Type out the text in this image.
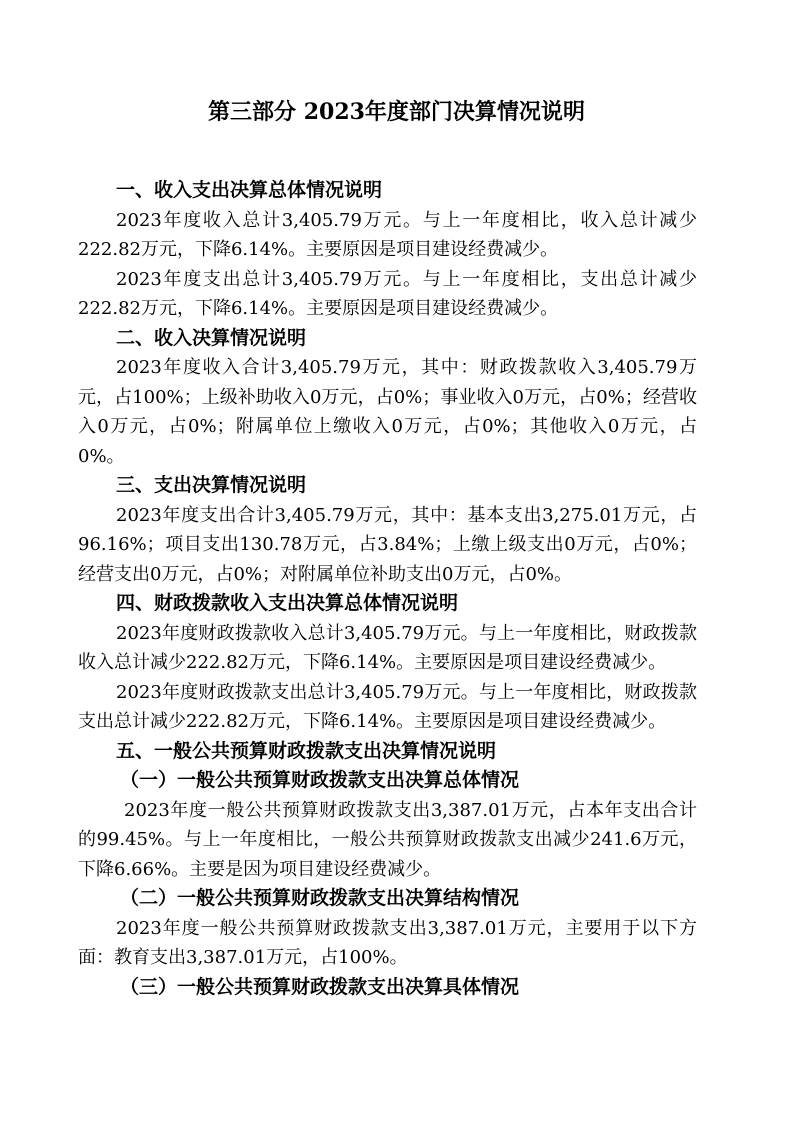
第三部分 2023年度部门决算情况说明

一、收入支出决算总体情况说明

2023年度收入总计3,405.79万元。与上一年度相比，收入总计减少222.82万元，下降6.14%。主要原因是项目建设经费减少。

2023年度支出总计3,405.79万元。与上一年度相比，支出总计减少222.82万元，下降6.14%。主要原因是项目建设经费减少。

二、收入决算情况说明

2023年度收入合计3,405.79万元，其中：财政拨款收入3,405.79万元，占100%；上级补助收入0万元，占0%；事业收入0万元，占0%；经营收入0万元，占0%；附属单位上缴收入0万元，占0%；其他收入0万元，占0%。

三、支出决算情况说明

2023年度支出合计3,405.79万元，其中：基本支出3,275.01万元，占96.16%；项目支出130.78万元，占3.84%；上缴上级支出0万元，占0%；经营支出0万元，占0%；对附属单位补助支出0万元，占0%。

四、财政拨款收入支出决算总体情况说明

2023年度财政拨款收入总计3,405.79万元。与上一年度相比，财政拨款收入总计减少222.82万元，下降6.14%。主要原因是项目建设经费减少。

2023年度财政拨款支出总计3,405.79万元。与上一年度相比，财政拨款支出总计减少222.82万元，下降6.14%。主要原因是项目建设经费减少。

五、一般公共预算财政拨款支出决算情况说明

（一）一般公共预算财政拨款支出决算总体情况

2023年度一般公共预算财政拨款支出3,387.01万元，占本年支出合计的99.45%。与上一年度相比，一般公共预算财政拨款支出减少241.6万元，下降6.66%。主要是因为项目建设经费减少。

（二）一般公共预算财政拨款支出决算结构情况

2023年度一般公共预算财政拨款支出3,387.01万元，主要用于以下方面：教育支出3,387.01万元，占100%。

（三）一般公共预算财政拨款支出决算具体情况
